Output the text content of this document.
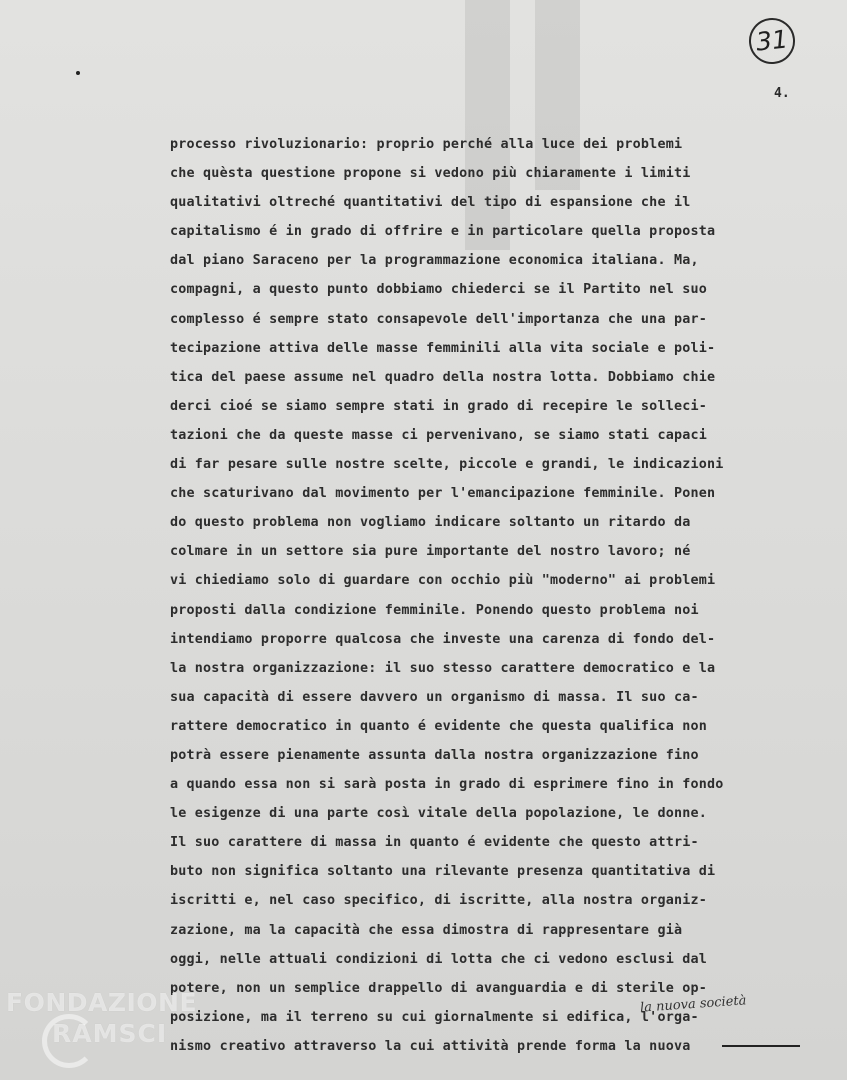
31
4.
processo rivoluzionario: proprio perché alla luce dei problemi
che quèsta questione propone si vedono più chiaramente i limiti
qualitativi oltreché quantitativi del tipo di espansione che il
capitalismo é in grado di offrire e in particolare quella proposta
dal piano Saraceno per la programmazione economica italiana. Ma,
compagni, a questo punto dobbiamo chiederci se il Partito nel suo
complesso é sempre stato consapevole dell'importanza che una par-
tecipazione attiva delle masse femminili alla vita sociale e poli-
tica del paese assume nel quadro della nostra lotta. Dobbiamo chie
derci cioé se siamo sempre stati in grado di recepire le solleci-
tazioni che da queste masse ci pervenivano, se siamo stati capaci
di far pesare sulle nostre scelte, piccole e grandi, le indicazioni
che scaturivano dal movimento per l'emancipazione femminile. Ponen
do questo problema non vogliamo indicare soltanto un ritardo da
colmare in un settore sia pure importante del nostro lavoro; né
vi chiediamo solo di guardare con occhio più "moderno" ai problemi
proposti dalla condizione femminile. Ponendo questo problema noi
intendiamo proporre qualcosa che investe una carenza di fondo del-
la nostra organizzazione: il suo stesso carattere democratico e la
sua capacità di essere davvero un organismo di massa. Il suo ca-
rattere democratico in quanto é evidente che questa qualifica non
potrà essere pienamente assunta dalla nostra organizzazione fino
a quando essa non si sarà posta in grado di esprimere fino in fondo
le esigenze di una parte così vitale della popolazione, le donne.
Il suo carattere di massa in quanto é evidente che questo attri-
buto non significa soltanto una rilevante presenza quantitativa di
iscritti e, nel caso specifico, di iscritte, alla nostra organiz-
zazione, ma la capacità che essa dimostra di rappresentare già
oggi, nelle attuali condizioni di lotta che ci vedono esclusi dal
potere, non un semplice drappello di avanguardia e di sterile op-
posizione, ma il terreno su cui giornalmente si edifica, l'orga-
nismo creativo attraverso la cui attività prende forma la nuova
la nuova società
FONDAZIONE
RAMSCI
